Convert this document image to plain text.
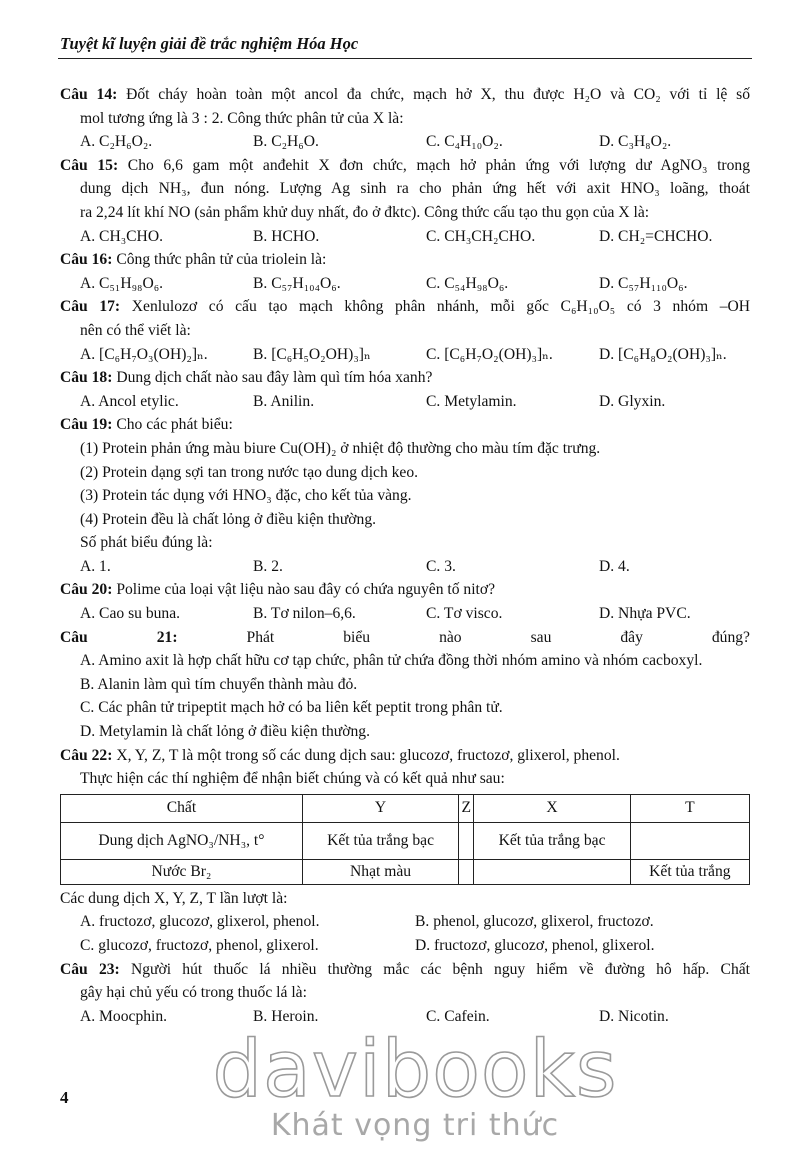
Tuyệt kĩ luyện giải đề trắc nghiệm Hóa Học
Câu 14: Đốt cháy hoàn toàn một ancol đa chức, mạch hở X, thu được H₂O và CO₂ với tỉ lệ số
mol tương ứng là 3 : 2. Công thức phân tử của X là:
A. C₂H₆O₂.	B. C₂H₆O.	C. C₄H₁₀O₂.	D. C₃H₈O₂.
Câu 15: Cho 6,6 gam một anđehit X đơn chức, mạch hở phản ứng với lượng dư AgNO₃ trong
dung dịch NH₃, đun nóng. Lượng Ag sinh ra cho phản ứng hết với axit HNO₃ loãng, thoát
ra 2,24 lít khí NO (sản phẩm khử duy nhất, đo ở đktc). Công thức cấu tạo thu gọn của X là:
A. CH₃CHO.	B. HCHO.	C. CH₃CH₂CHO.	D. CH₂=CHCHO.
Câu 16: Công thức phân tử của triolein là:
A. C₅₁H₉₈O₆.	B. C₅₇H₁₀₄O₆.	C. C₅₄H₉₈O₆.	D. C₅₇H₁₁₀O₆.
Câu 17: Xenlulozơ có cấu tạo mạch không phân nhánh, mỗi gốc C₆H₁₀O₅ có 3 nhóm –OH
nên có thể viết là:
A. [C₆H₇O₃(OH)₂]ₙ.	B. [C₆H₅O₂OH)₃]ₙ	C. [C₆H₇O₂(OH)₃]ₙ.	D. [C₆H₈O₂(OH)₃]ₙ.
Câu 18: Dung dịch chất nào sau đây làm quì tím hóa xanh?
A. Ancol etylic.	B. Anilin.	C. Metylamin.	D. Glyxin.
Câu 19: Cho các phát biểu:
(1) Protein phản ứng màu biure Cu(OH)₂ ở nhiệt độ thường cho màu tím đặc trưng.
(2) Protein dạng sợi tan trong nước tạo dung dịch keo.
(3) Protein tác dụng với HNO₃ đặc, cho kết tủa vàng.
(4) Protein đều là chất lỏng ở điều kiện thường.
Số phát biểu đúng là:
A. 1.	B. 2.	C. 3.	D. 4.
Câu 20: Polime của loại vật liệu nào sau đây có chứa nguyên tố nitơ?
A. Cao su buna.	B. Tơ nilon–6,6.	C. Tơ visco.	D. Nhựa PVC.
Câu 21:	Phát biểu nào sau đây đúng?
A. Amino axit là hợp chất hữu cơ tạp chức, phân tử chứa đồng thời nhóm amino và nhóm cacboxyl.
B. Alanin làm quì tím chuyển thành màu đỏ.
C. Các phân tử tripeptit mạch hở có ba liên kết peptit trong phân tử.
D. Metylamin là chất lỏng ở điều kiện thường.
Câu 22: X, Y, Z, T là một trong số các dung dịch sau: glucozơ, fructozơ, glixerol, phenol.
Thực hiện các thí nghiệm để nhận biết chúng và có kết quả như sau:
Chất	Y	Z	X	T
Dung dịch AgNO₃/NH₃, t°	Kết tủa trắng bạc		Kết tủa trắng bạc	
Nước Br₂	Nhạt màu			Kết tủa trắng
Các dung dịch X, Y, Z, T lần lượt là:
A. fructozơ, glucozơ, glixerol, phenol.	B. phenol, glucozơ, glixerol, fructozơ.
C. glucozơ, fructozơ, phenol, glixerol.	D. fructozơ, glucozơ, phenol, glixerol.
Câu 23: Người hút thuốc lá nhiều thường mắc các bệnh nguy hiểm về đường hô hấp. Chất
gây hại chủ yếu có trong thuốc lá là:
A. Moocphin.	B. Heroin.	C. Cafein.	D. Nicotin.
4 davibooks
Khát vọng tri thức
